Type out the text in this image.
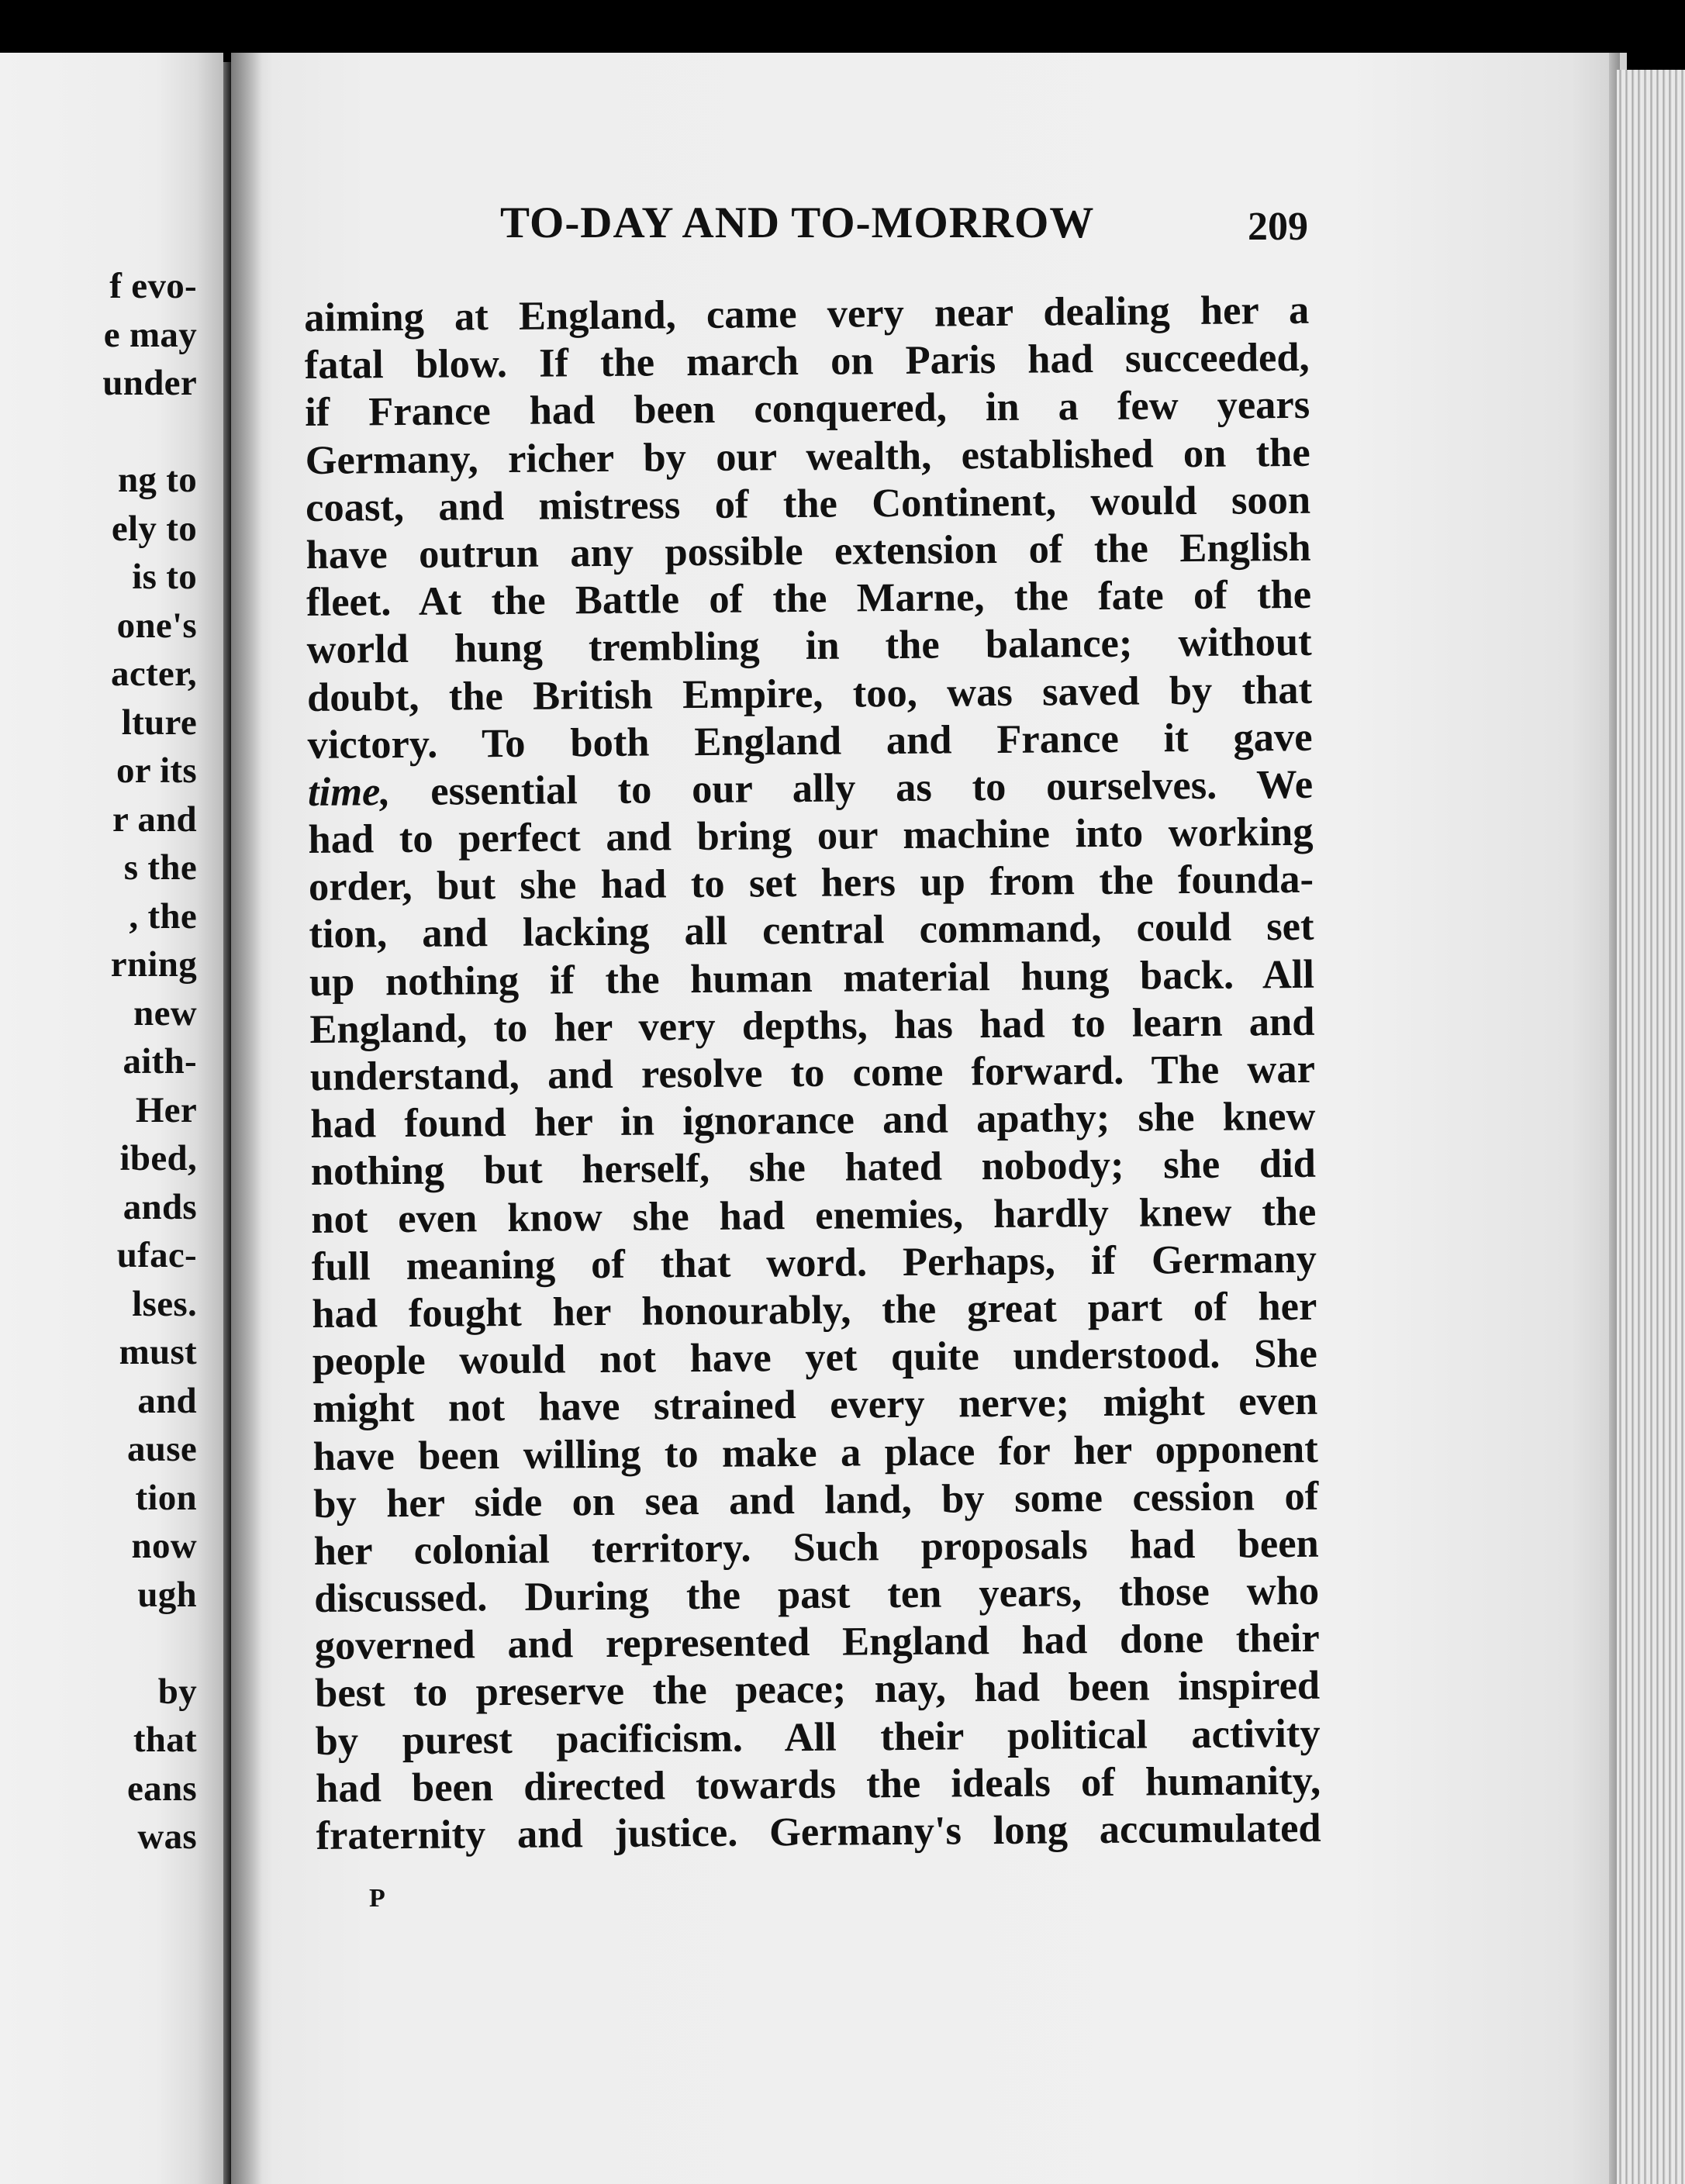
f evo-
e may
under
ng to
ely to
is to
one's
acter,
lture
or its
r and
s the
, the
rning
new
aith-
Her
ibed,
ands
ufac-
lses.
must
and
ause
tion
now
ugh
by
that
eans
was
TO-DAY AND TO-MORROW	209
aiming at England, came very near dealing her a
fatal blow. If the march on Paris had succeeded,
if France had been conquered, in a few years
Germany, richer by our wealth, established on the
coast, and mistress of the Continent, would soon
have outrun any possible extension of the English
fleet. At the Battle of the Marne, the fate of the
world hung trembling in the balance; without
doubt, the British Empire, too, was saved by that
victory. To both England and France it gave
time, essential to our ally as to ourselves. We
had to perfect and bring our machine into working
order, but she had to set hers up from the founda-
tion, and lacking all central command, could set
up nothing if the human material hung back. All
England, to her very depths, has had to learn and
understand, and resolve to come forward. The war
had found her in ignorance and apathy; she knew
nothing but herself, she hated nobody; she did
not even know she had enemies, hardly knew the
full meaning of that word. Perhaps, if Germany
had fought her honourably, the great part of her
people would not have yet quite understood. She
might not have strained every nerve; might even
have been willing to make a place for her opponent
by her side on sea and land, by some cession of
her colonial territory. Such proposals had been
discussed. During the past ten years, those who
governed and represented England had done their
best to preserve the peace; nay, had been inspired
by purest pacificism. All their political activity
had been directed towards the ideals of humanity,
fraternity and justice. Germany's long accumulated
P
